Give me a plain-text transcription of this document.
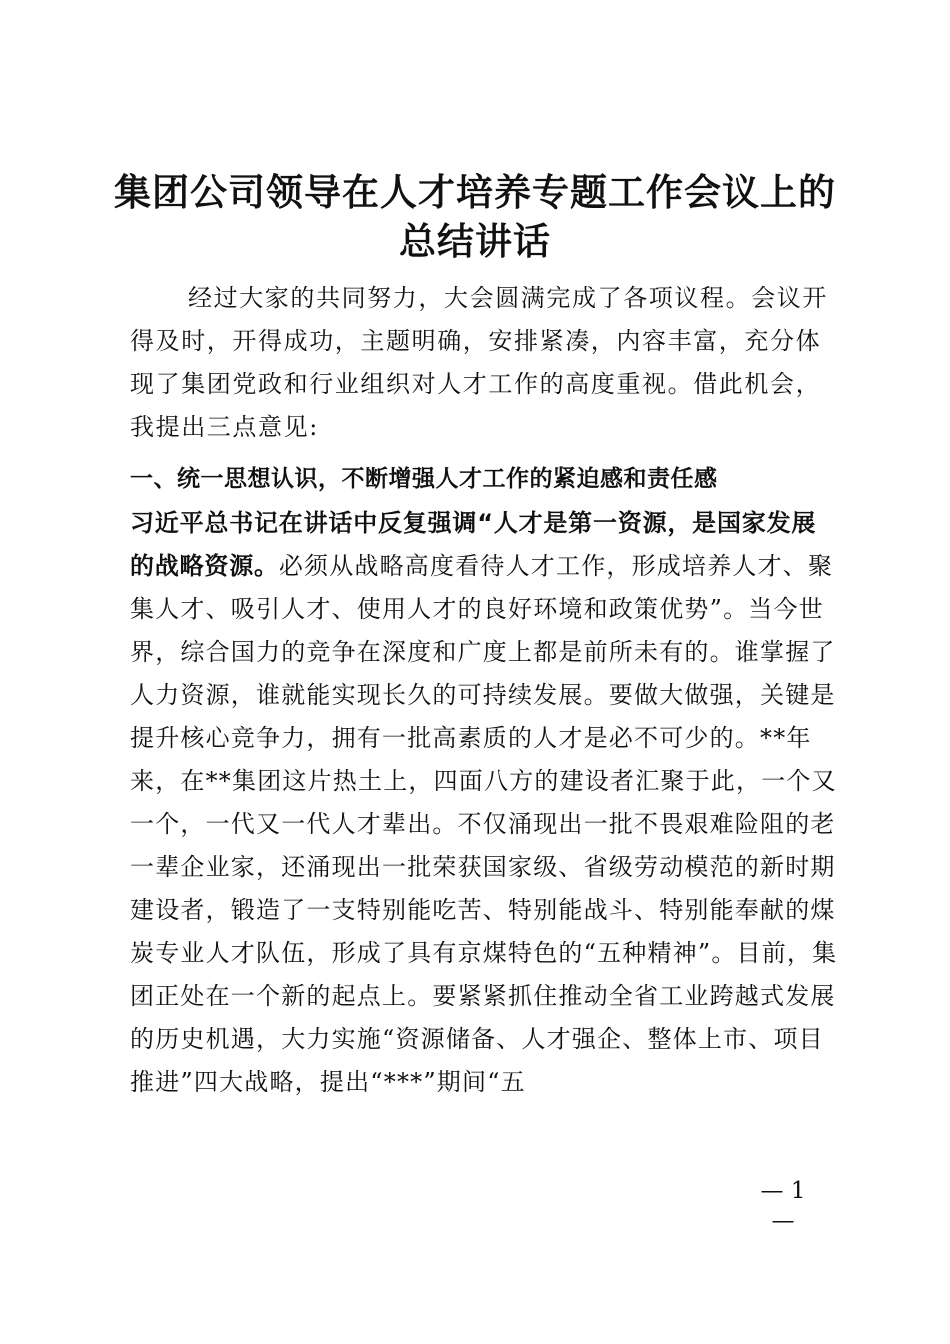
集团公司领导在人才培养专题工作会议上的总结讲话

经过大家的共同努力，大会圆满完成了各项议程。会议开得及时，开得成功，主题明确，安排紧凑，内容丰富，充分体现了集团党政和行业组织对人才工作的高度重视。借此机会，我提出三点意见:

一、统一思想认识，不断增强人才工作的紧迫感和责任感

习近平总书记在讲话中反复强调“人才是第一资源，是国家发展的战略资源。必须从战略高度看待人才工作，形成培养人才、聚集人才、吸引人才、使用人才的良好环境和政策优势”。当今世界，综合国力的竞争在深度和广度上都是前所未有的。谁掌握了人力资源，谁就能实现长久的可持续发展。要做大做强，关键是提升核心竞争力，拥有一批高素质的人才是必不可少的。**年来，在**集团这片热土上，四面八方的建设者汇聚于此，一个又一个，一代又一代人才辈出。不仅涌现出一批不畏艰难险阻的老一辈企业家，还涌现出一批荣获国家级、省级劳动模范的新时期建设者，锻造了一支特别能吃苦、特别能战斗、特别能奉献的煤炭专业人才队伍，形成了具有京煤特色的“五种精神”。目前，集团正处在一个新的起点上。要紧紧抓住推动全省工业跨越式发展的历史机遇，大力实施“资源储备、人才强企、整体上市、项目推进”四大战略，提出“***”期间“五

— 1 —
